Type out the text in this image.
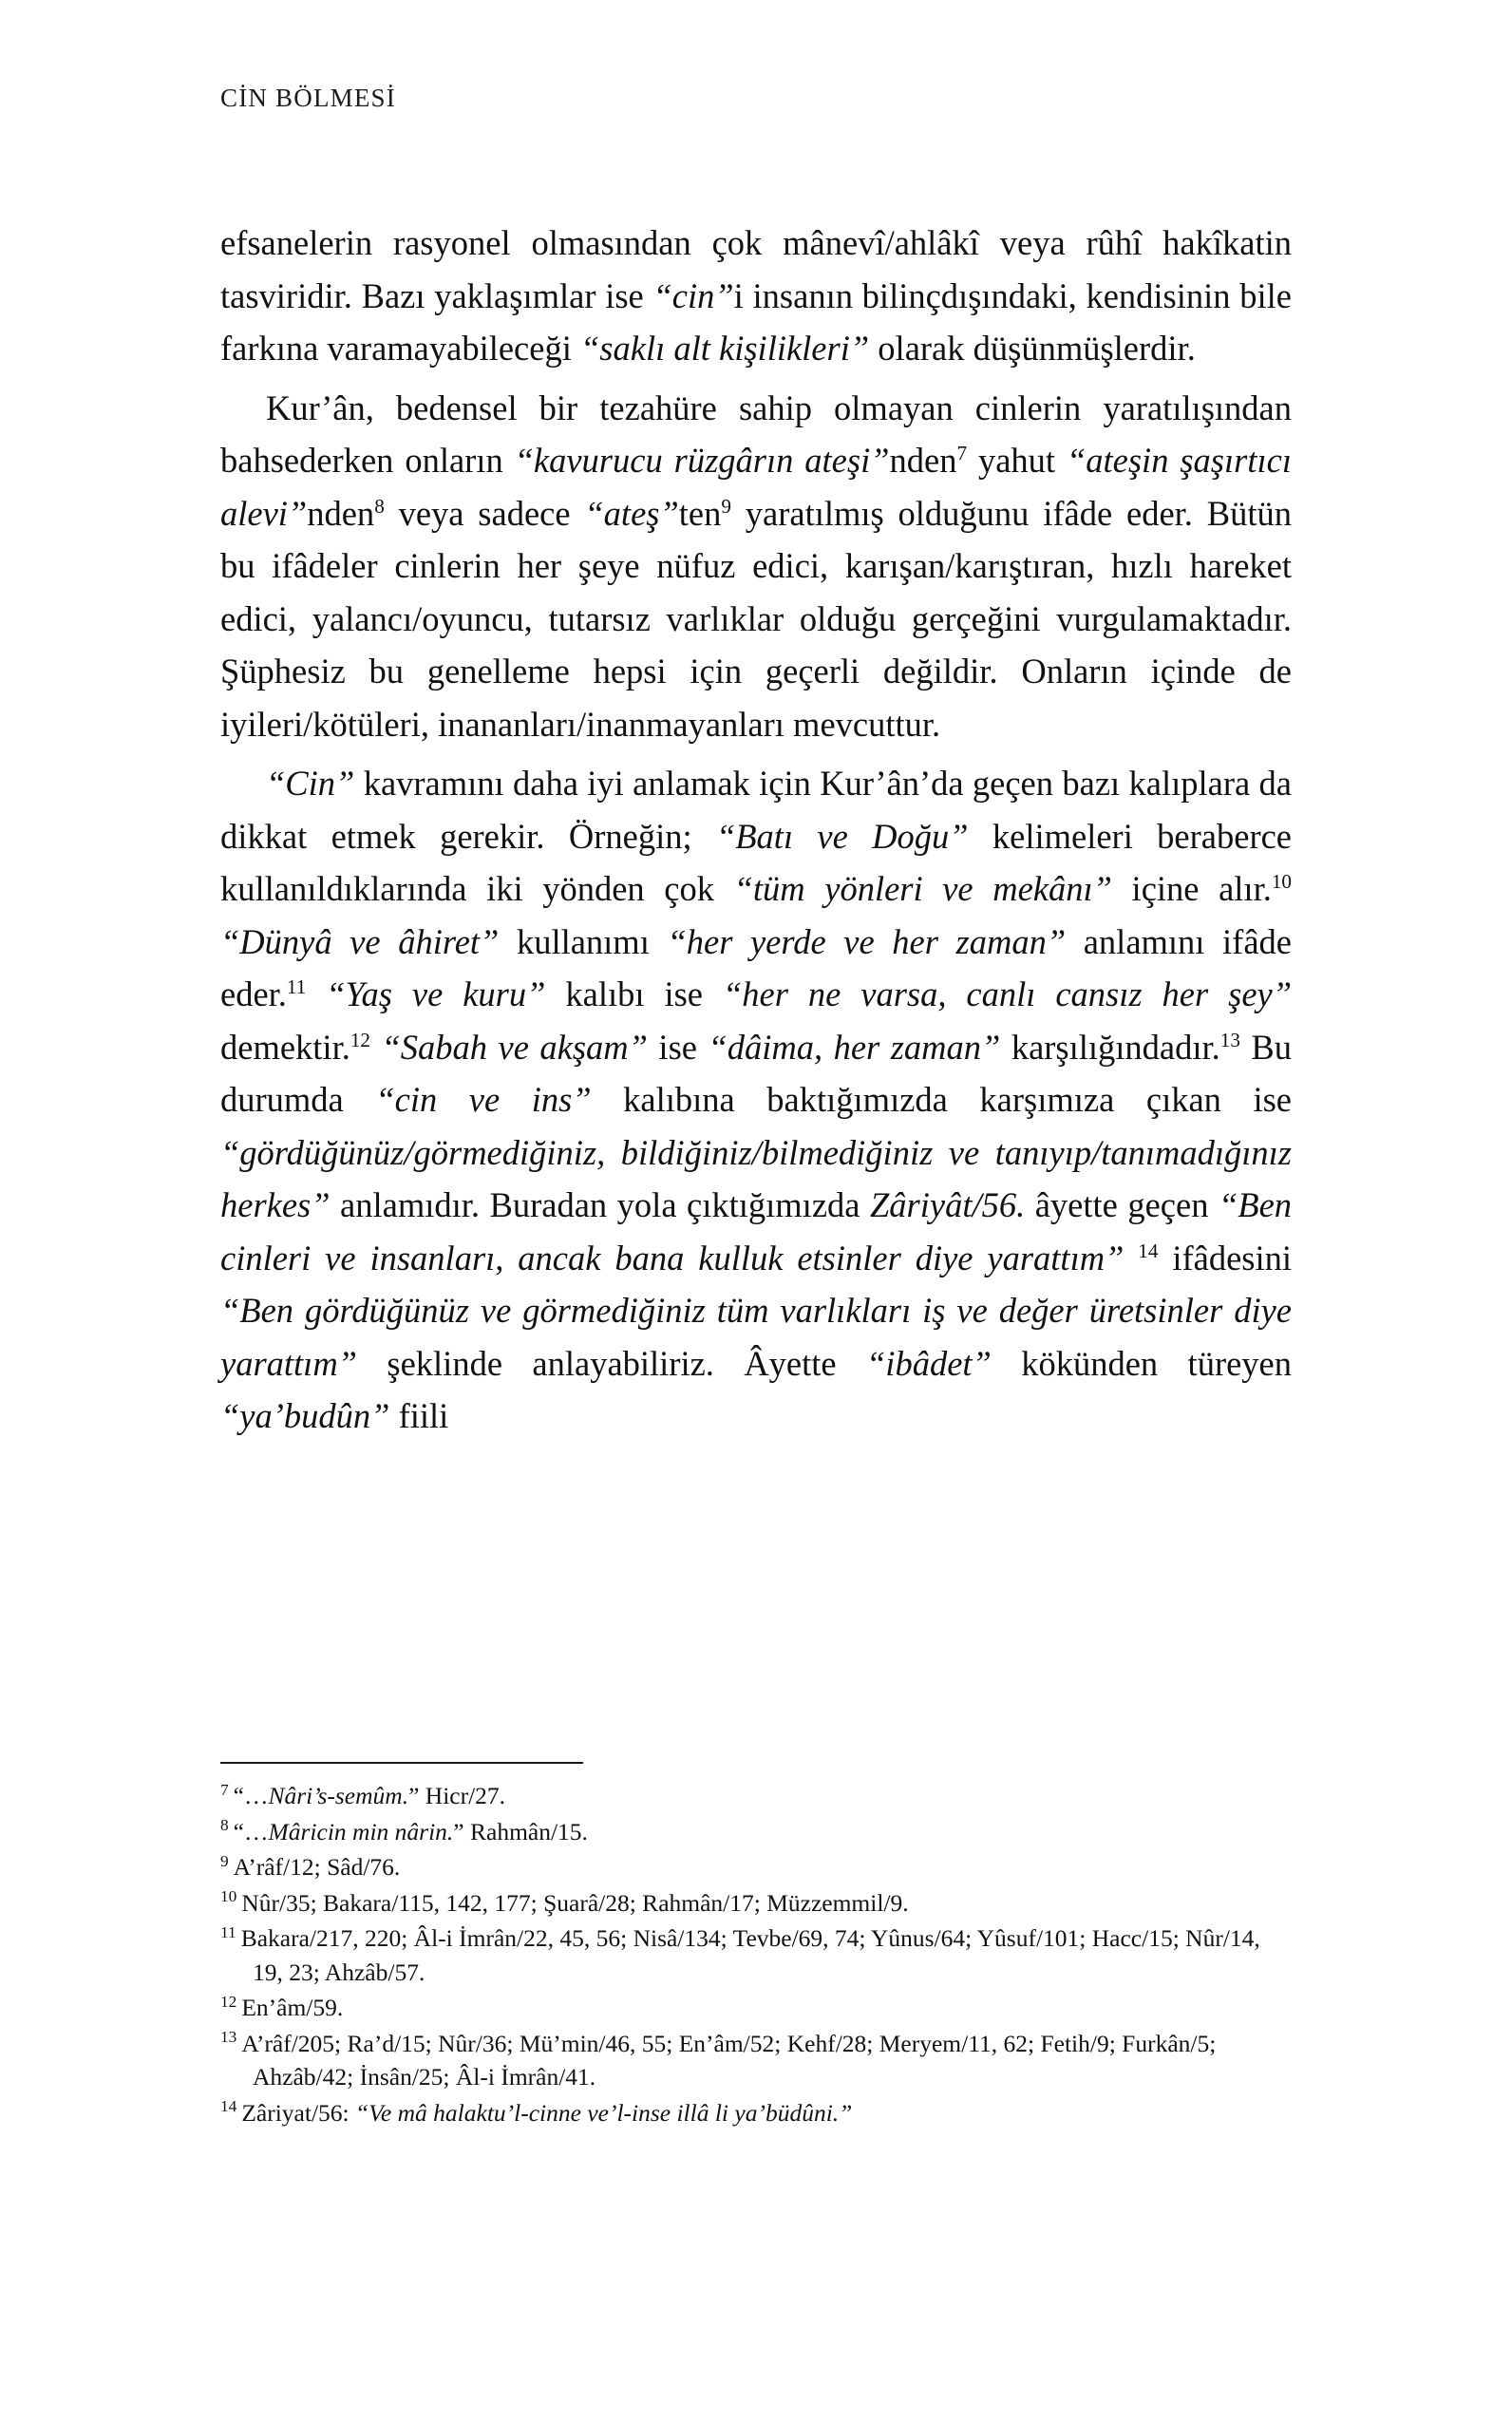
CİN BÖLMESİ

efsanelerin rasyonel olmasından çok mânevî/ahlâkî veya rûhî hakîkatin tasviridir. Bazı yaklaşımlar ise “cin”i insanın bilinçdışındaki, kendisinin bile farkına varamayabileceği “saklı alt kişilikleri” olarak düşünmüşlerdir.

Kur’ân, bedensel bir tezahüre sahip olmayan cinlerin yaratılışından bahsederken onların “kavurucu rüzgârın ateşi”nden$^7$ yahut “ateşin şaşırtıcı alevi”nden$^8$ veya sadece “ateş”ten$^9$ yaratılmış olduğunu ifâde eder. Bütün bu ifâdeler cinlerin her şeye nüfuz edici, karışan/karıştıran, hızlı hareket edici, yalancı/oyuncu, tutarsız varlıklar olduğu gerçeğini vurgulamaktadır. Şüphesiz bu genelleme hepsi için geçerli değildir. Onların içinde de iyileri/kötüleri, inananları/inanmayanları mevcuttur.

“Cin” kavramını daha iyi anlamak için Kur’ân’da geçen bazı kalıplara da dikkat etmek gerekir. Örneğin; “Batı ve Doğu” kelimeleri beraberce kullanıldıklarında iki yönden çok “tüm yönleri ve mekânı” içine alır.$^{10}$ “Dünyâ ve âhiret” kullanımı “her yerde ve her zaman” anlamını ifâde eder.$^{11}$ “Yaş ve kuru” kalıbı ise “her ne varsa, canlı cansız her şey” demektir.$^{12}$ “Sabah ve akşam” ise “dâima, her zaman” karşılığındadır.$^{13}$ Bu durumda “cin ve ins” kalıbına baktığımızda karşımıza çıkan ise “gördüğünüz/görmediğiniz, bildiğiniz/bilmediğiniz ve tanıyıp/tanımadığınız herkes” anlamıdır. Buradan yola çıktığımızda Zâriyât/56. âyette geçen “Ben cinleri ve insanları, ancak bana kulluk etsinler diye yarattım” $^{14}$ ifâdesini “Ben gördüğünüz ve görmediğiniz tüm varlıkları iş ve değer üretsinler diye yarattım” şeklinde anlayabiliriz. Âyette “ibâdet” kökünden türeyen “ya’budûn” fiili

$^7$ “…Nâri’s-semûm.” Hicr/27.
$^8$ “…Mâricin min nârin.” Rahmân/15.
$^9$ A’râf/12; Sâd/76.
$^{10}$ Nûr/35; Bakara/115, 142, 177; Şuarâ/28; Rahmân/17; Müzzemmil/9.
$^{11}$ Bakara/217, 220; Âl-i İmrân/22, 45, 56; Nisâ/134; Tevbe/69, 74; Yûnus/64; Yûsuf/101; Hacc/15; Nûr/14, 19, 23; Ahzâb/57.
$^{12}$ En’âm/59.
$^{13}$ A’râf/205; Ra’d/15; Nûr/36; Mü’min/46, 55; En’âm/52; Kehf/28; Meryem/11, 62; Fetih/9; Furkân/5; Ahzâb/42; İnsân/25; Âl-i İmrân/41.
$^{14}$ Zâriyat/56: “Ve mâ halaktu’l-cinne ve’l-inse illâ li ya’büdûni.”
